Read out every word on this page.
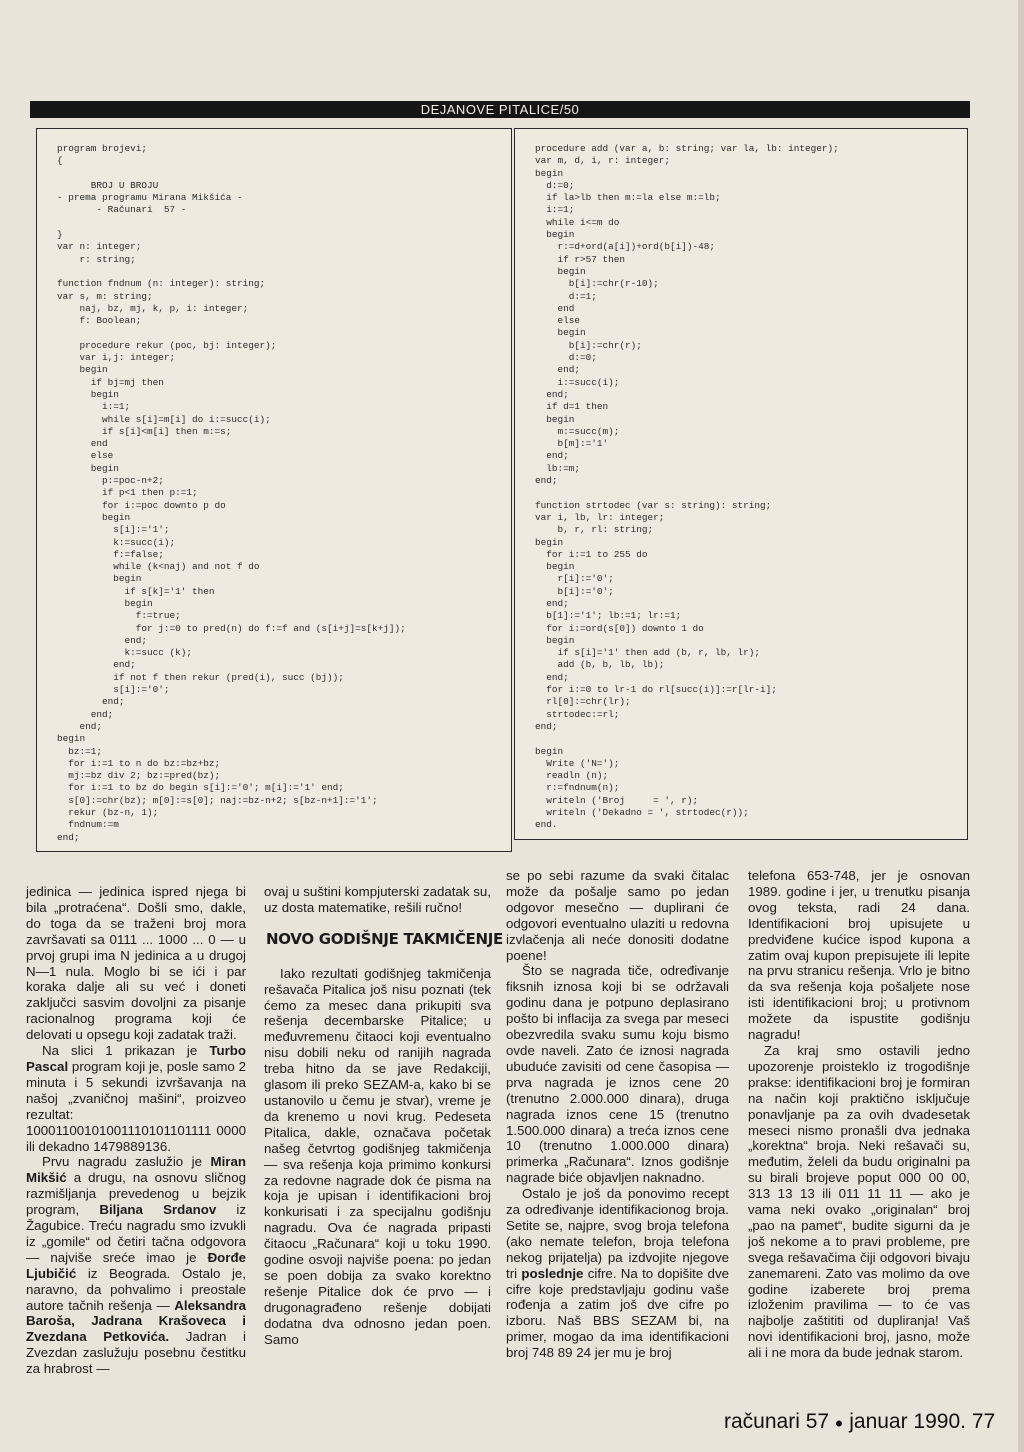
DEJANOVE PITALICE/50
program brojevi;
{

BROJ U BROJU
- prema programu Mirana Mikšića -
- Računari  57 -

}
var n: integer;
r: string;

function fndnum (n: integer): string;
var s, m: string;
naj, bz, mj, k, p, i: integer;
f: Boolean;

procedure rekur (poc, bj: integer);
var i,j: integer;
begin
if bj=mj then
begin
i:=1;
while s[i]=m[i] do i:=succ(i);
if s[i]<m[i] then m:=s;
end
else
begin
p:=poc-n+2;
if p<1 then p:=1;
for i:=poc downto p do
begin
s[i]:='1';
k:=succ(i);
f:=false;
while (k<naj) and not f do
begin
if s[k]='1' then
begin
f:=true;
for j:=0 to pred(n) do f:=f and (s[i+j]=s[k+j]);
end;
k:=succ (k);
end;
if not f then rekur (pred(i), succ (bj));
s[i]:='0';
end;
end;
end;
begin
bz:=1;
for i:=1 to n do bz:=bz+bz;
mj:=bz div 2; bz:=pred(bz);
for i:=1 to bz do begin s[i]:='0'; m[i]:='1' end;
s[0]:=chr(bz); m[0]:=s[0]; naj:=bz-n+2; s[bz-n+1]:='1';
rekur (bz-n, 1);
fndnum:=m
end;
procedure add (var a, b: string; var la, lb: integer);
var m, d, i, r: integer;
begin
d:=0;
if la>lb then m:=la else m:=lb;
i:=1;
while i<=m do
begin
r:=d+ord(a[i])+ord(b[i])-48;
if r>57 then
begin
b[i]:=chr(r-10);
d:=1;
end
else
begin
b[i]:=chr(r);
d:=0;
end;
i:=succ(i);
end;
if d=1 then
begin
m:=succ(m);
b[m]:='1'
end;
lb:=m;
end;

function strtodec (var s: string): string;
var i, lb, lr: integer;
b, r, rl: string;
begin
for i:=1 to 255 do
begin
r[i]:='0';
b[i]:='0';
end;
b[1]:='1'; lb:=1; lr:=1;
for i:=ord(s[0]) downto 1 do
begin
if s[i]='1' then add (b, r, lb, lr);
add (b, b, lb, lb);
end;
for i:=0 to lr-1 do rl[succ(i)]:=r[lr-i];
rl[0]:=chr(lr);
strtodec:=rl;
end;

begin
Write ('N=');
readln (n);
r:=fndnum(n);
writeln ('Broj     = ', r);
writeln ('Dekadno = ', strtodec(r));
end.

jedinica — jedinica ispred njega bi bila „protraćena“. Došli smo, dakle, do toga da se traženi broj mora završavati sa 0111 ... 1000 ... 0 — u prvoj grupi ima N jedinica a u drugoj N—1 nula. Moglo bi se ići i par koraka dalje ali su već i doneti zaključci sasvim dovoljni za pisanje racionalnog programa koji će delovati u opsegu koji zadatak traži.

Na slici 1 prikazan je Turbo Pascal program koji je, posle samo 2 minuta i 5 sekundi izvršavanja na našoj „zvaničnoj mašini“, proizveo rezultat: 10001100101001110101101111 0000 ili dekadno 1479889136.

Prvu nagradu zaslužio je Miran Mikšić a drugu, na osnovu sličnog razmišljanja prevedenog u bejzik program, Biljana Srdanov iz Žagubice. Treću nagradu smo izvukli iz „gomile“ od četiri tačna odgovora — najviše sreće imao je Đorđe Ljubičić iz Beograda. Ostalo je, naravno, da pohvalimo i preostale autore tačnih rešenja — Aleksandra Baroša, Jadrana Krašoveca i Zvezdana Petkovića. Jadran i Zvezdan zaslužuju posebnu čestitku za hrabrost —

ovaj u suštini kompjuterski zadatak su, uz dosta matematike, rešili ručno!

NOVO GODIŠNJE TAKMIČENJE

Iako rezultati godišnjeg takmičenja rešavača Pitalica još nisu poznati (tek ćemo za mesec dana prikupiti sva rešenja decembarske Pitalice; u međuvremenu čitaoci koji eventualno nisu dobili neku od ranijih nagrada treba hitno da se jave Redakciji, glasom ili preko SEZAM-a, kako bi se ustanovilo u čemu je stvar), vreme je da krenemo u novi krug. Pedeseta Pitalica, dakle, označava početak našeg četvrtog godišnjeg takmičenja — sva rešenja koja primimo konkursi za redovne nagrade dok će pisma na koja je upisan i identifikacioni broj konkurisati i za specijalnu godišnju nagradu. Ova će nagrada pripasti čitaocu „Računara“ koji u toku 1990. godine osvoji najviše poena: po jedan se poen dobija za svako korektno rešenje Pitalice dok će prvo — i drugonagrađeno rešenje dobijati dodatna dva odnosno jedan poen. Samo

se po sebi razume da svaki čitalac može da pošalje samo po jedan odgovor mesečno — duplirani će odgovori eventualno ulaziti u redovna izvlačenja ali neće donositi dodatne poene!

Što se nagrada tiče, određivanje fiksnih iznosa koji bi se održavali godinu dana je potpuno deplasirano pošto bi inflacija za svega par meseci obezvredila svaku sumu koju bismo ovde naveli. Zato će iznosi nagrada ubuduće zavisiti od cene časopisa — prva nagrada je iznos cene 20 (trenutno 2.000.000 dinara), druga nagrada iznos cene 15 (trenutno 1.500.000 dinara) a treća iznos cene 10 (trenutno 1.000.000 dinara) primerka „Računara“. Iznos godišnje nagrade biće objavljen naknadno.

Ostalo je još da ponovimo recept za određivanje identifikacionog broja. Setite se, najpre, svog broja telefona (ako nemate telefon, broja telefona nekog prijatelja) pa izdvojite njegove tri poslednje cifre. Na to dopišite dve cifre koje predstavljaju godinu vaše rođenja a zatim još dve cifre po izboru. Naš BBS SEZAM bi, na primer, mogao da ima identifikacioni broj 748 89 24 jer mu je broj

telefona 653-748, jer je osnovan 1989. godine i jer, u trenutku pisanja ovog teksta, radi 24 dana. Identifikacioni broj upisujete u predviđene kućice ispod kupona a zatim ovaj kupon prepisujete ili lepite na prvu stranicu rešenja. Vrlo je bitno da sva rešenja koja pošaljete nose isti identifikacioni broj; u protivnom možete da ispustite godišnju nagradu!

Za kraj smo ostavili jedno upozorenje proisteklo iz trogodišnje prakse: identifikacioni broj je formiran na način koji praktično isključuje ponavljanje pa za ovih dvadesetak meseci nismo pronašli dva jednaka „korektna“ broja. Neki rešavači su, međutim, želeli da budu originalni pa su birali brojeve poput 000 00 00, 313 13 13 ili 011 11 11 — ako je vama neki ovako „originalan“ broj „pao na pamet“, budite sigurni da je još nekome a to pravi probleme, pre svega rešavačima čiji odgovori bivaju zanemareni. Zato vas molimo da ove godine izaberete broj prema izloženim pravilima — to će vas najbolje zaštititi od dupliranja! Vaš novi identifikacioni broj, jasno, može ali i ne mora da bude jednak starom.

računari 57 ● januar 1990. 77
